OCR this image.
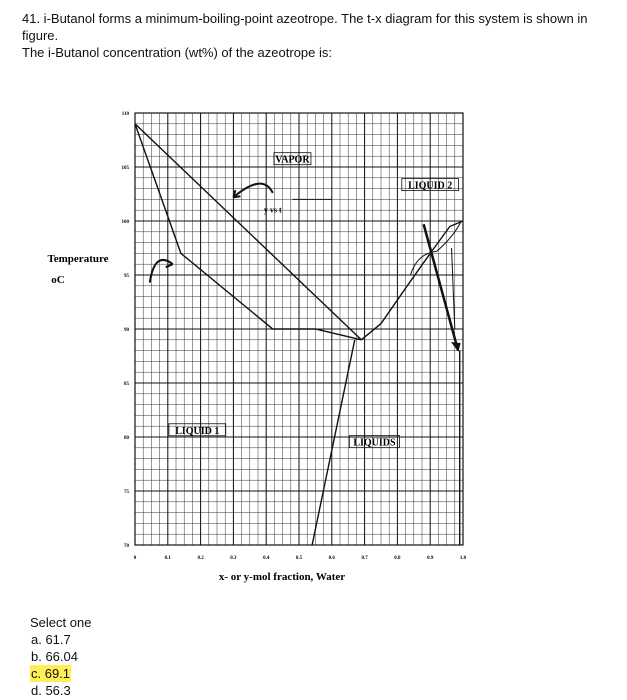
41. i-Butanol forms a minimum-boiling-point azeotrope. The t-x diagram for this system is shown in

figure.

The i-Butanol concentration (wt%) of the azeotrope is:

70
75
80
85
90
95
100
105
110
0	0.1	0.2	0.3	0.4	0.5	0.6	0.7	0.8	0.9	1.0
VAPOR
LIQUID 2
y vs t
LIQUID 1
LIQUIDS
Temperature
oC
x- or y-mol fraction, Water
Select one
a. 61.7
b. 66.04
c. 69.1
d. 56.3
